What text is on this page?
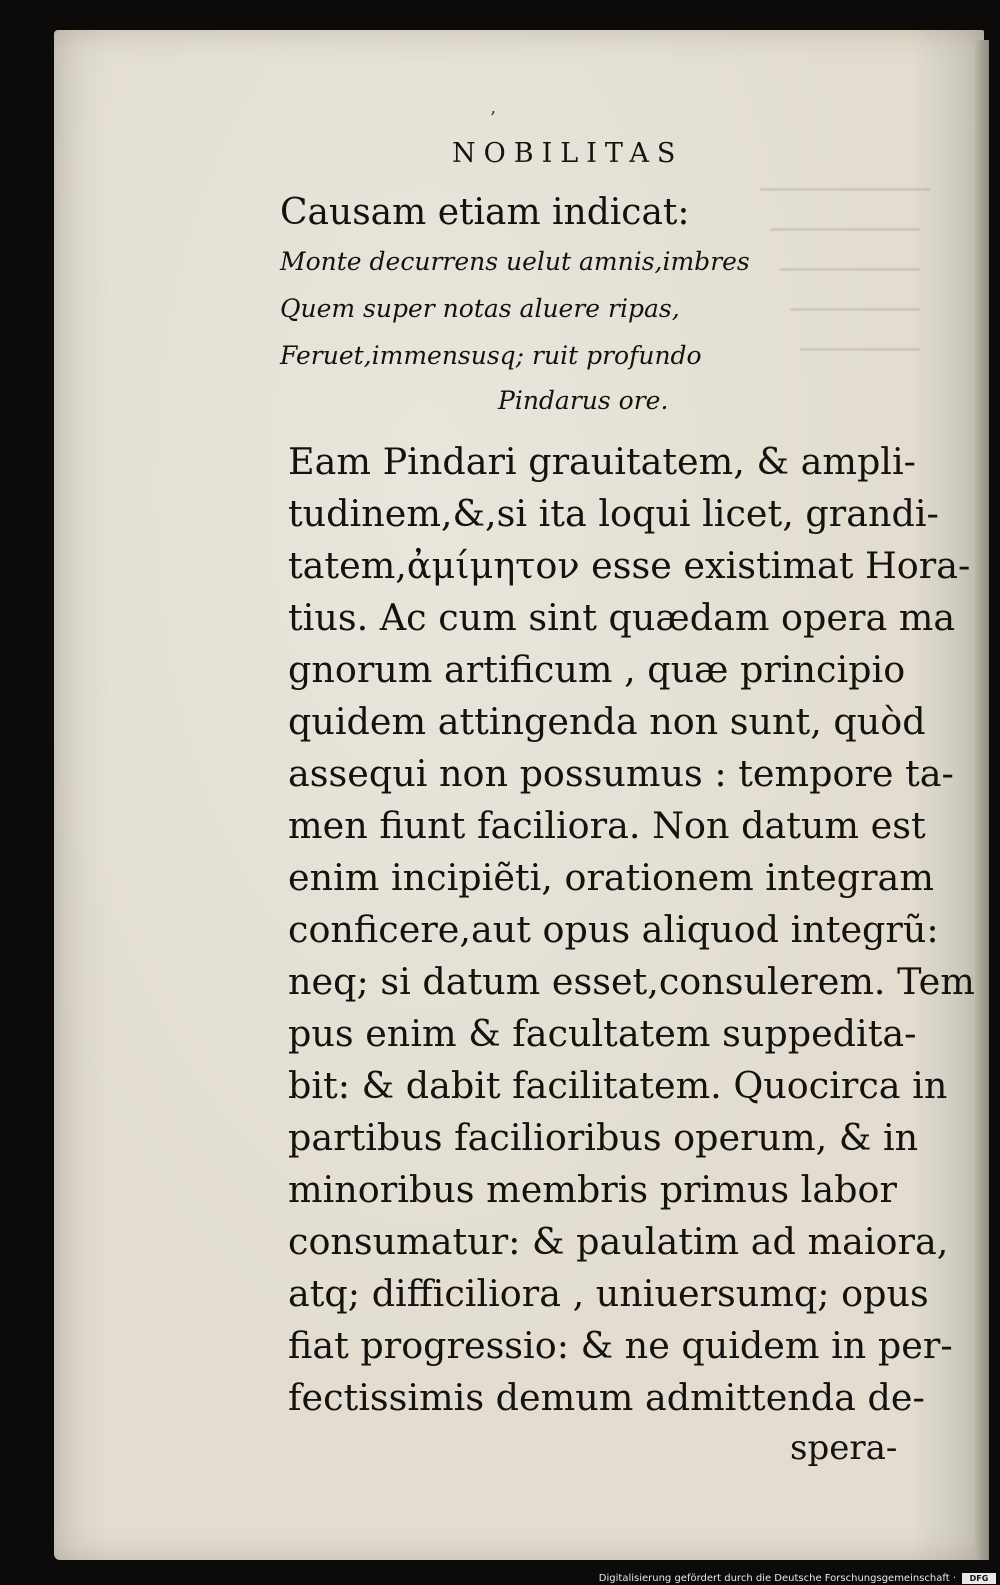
’
NOBILITAS
Causam etiam indicat:
Monte decurrens uelut amnis,imbres
Quem super notas aluere ripas,
Feruet,immensusq; ruit profundo
Pindarus ore.
Eam Pindari grauitatem, & ampli-
tudinem,&,si ita loqui licet, grandi-
tatem,ἀμίμητον esse existimat Hora-
tius. Ac cum sint quædam opera ma
gnorum artificum , quæ principio
quidem attingenda non sunt, quòd
assequi non possumus : tempore ta-
men fiunt faciliora. Non datum est
enim incipiẽti, orationem integram
conficere,aut opus aliquod integrũ:
neq; si datum esset,consulerem. Tem
pus enim & facultatem suppedita-
bit: & dabit facilitatem. Quocirca in
partibus facilioribus operum, & in
minoribus membris primus labor
consumatur: & paulatim ad maiora,
atq; difficiliora , uniuersumq; opus
fiat progressio: & ne quidem in per-
fectissimis demum admittenda de-
spera-
Digitalisierung gefördert durch die Deutsche Forschungsgemeinschaft ·	DFG
